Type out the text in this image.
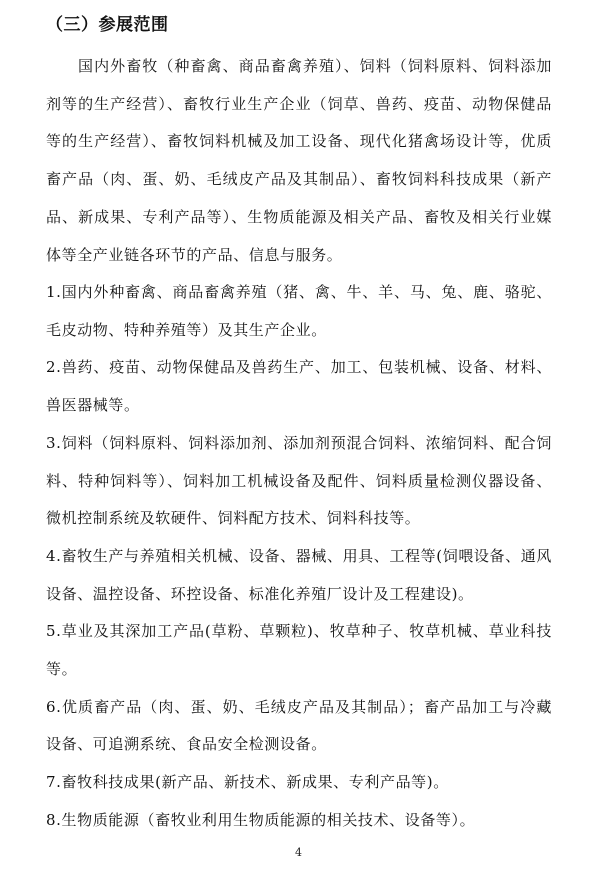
（三）参展范围

国内外畜牧（种畜禽、商品畜禽养殖）、饲料（饲料原料、饲料添加剂等的生产经营）、畜牧行业生产企业（饲草、兽药、疫苗、动物保健品等的生产经营）、畜牧饲料机械及加工设备、现代化猪禽场设计等，优质畜产品（肉、蛋、奶、毛绒皮产品及其制品）、畜牧饲料科技成果（新产品、新成果、专利产品等）、生物质能源及相关产品、畜牧及相关行业媒体等全产业链各环节的产品、信息与服务。

1.国内外种畜禽、商品畜禽养殖（猪、禽、牛、羊、马、兔、鹿、骆驼、毛皮动物、特种养殖等）及其生产企业。
2.兽药、疫苗、动物保健品及兽药生产、加工、包装机械、设备、材料、兽医器械等。
3.饲料（饲料原料、饲料添加剂、添加剂预混合饲料、浓缩饲料、配合饲料、特种饲料等）、饲料加工机械设备及配件、饲料质量检测仪器设备、微机控制系统及软硬件、饲料配方技术、饲料科技等。
4.畜牧生产与养殖相关机械、设备、器械、用具、工程等(饲喂设备、通风设备、温控设备、环控设备、标准化养殖厂设计及工程建设)。
5.草业及其深加工产品(草粉、草颗粒)、牧草种子、牧草机械、草业科技等。
6.优质畜产品（肉、蛋、奶、毛绒皮产品及其制品）；畜产品加工与冷藏设备、可追溯系统、食品安全检测设备。
7.畜牧科技成果(新产品、新技术、新成果、专利产品等)。
8.生物质能源（畜牧业利用生物质能源的相关技术、设备等）。
4
